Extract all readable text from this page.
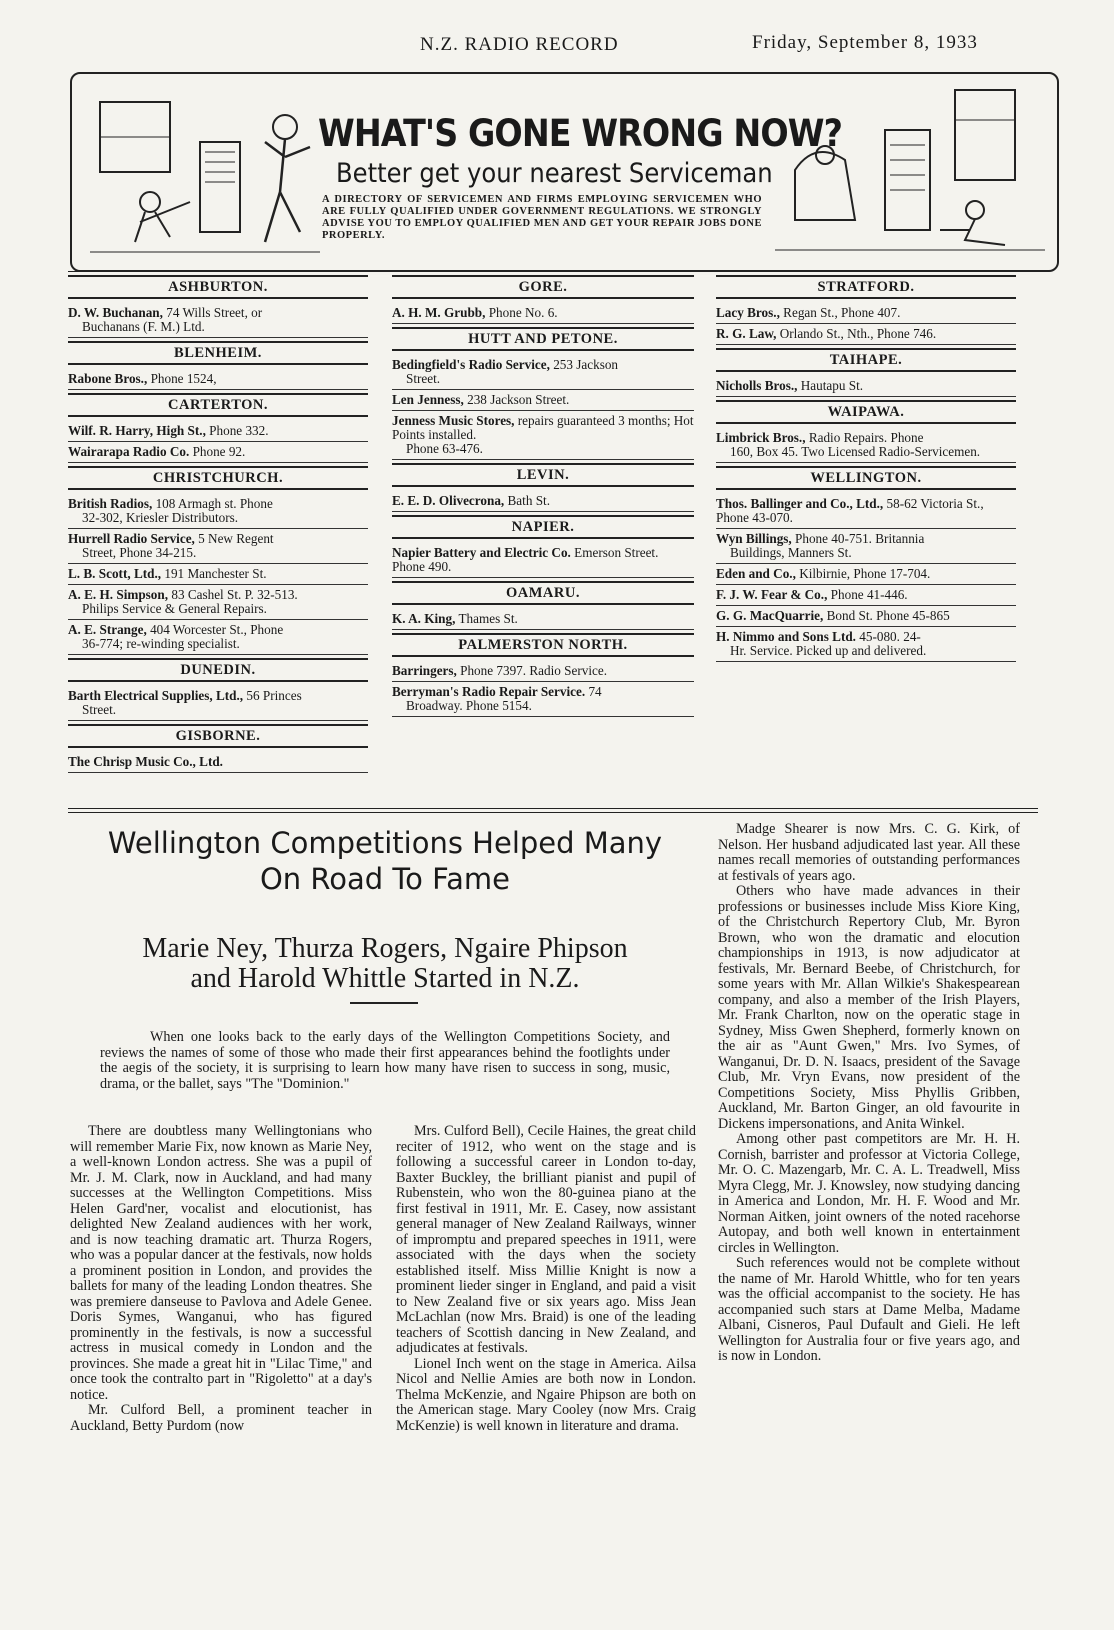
N.Z. RADIO RECORD	Friday, September 8, 1933
WHAT'S GONE WRONG NOW?
Better get your nearest Serviceman
A DIRECTORY OF SERVICEMEN AND FIRMS EMPLOYING SERVICEMEN WHO ARE FULLY QUALIFIED UNDER GOVERNMENT REGULATIONS. WE STRONGLY ADVISE YOU TO EMPLOY QUALIFIED MEN AND GET YOUR REPAIR JOBS DONE PROPERLY.
ASHBURTON.
D. W. Buchanan, 74 Wills Street, or
Buchanans (F. M.) Ltd.
BLENHEIM.
Rabone Bros., Phone 1524,
CARTERTON.
Wilf. R. Harry, High St., Phone 332.
Wairarapa Radio Co. Phone 92.
CHRISTCHURCH.
British Radios, 108 Armagh st. Phone
32-302, Kriesler Distributors.
Hurrell Radio Service, 5 New Regent
Street, Phone 34-215.
L. B. Scott, Ltd., 191 Manchester St.
A. E. H. Simpson, 83 Cashel St. P. 32-513.
Philips Service & General Repairs.
A. E. Strange, 404 Worcester St., Phone
36-774; re-winding specialist.
DUNEDIN.
Barth Electrical Supplies, Ltd., 56 Princes
Street.
GISBORNE.
The Chrisp Music Co., Ltd.
GORE.
A. H. M. Grubb, Phone No. 6.
HUTT AND PETONE.
Bedingfield's Radio Service, 253 Jackson
Street.
Len Jenness, 238 Jackson Street.
Jenness Music Stores, repairs guaranteed 3 months; Hot Points installed.
Phone 63-476.
LEVIN.
E. E. D. Olivecrona, Bath St.
NAPIER.
Napier Battery and Electric Co. Emerson Street. Phone 490.
OAMARU.
K. A. King, Thames St.
PALMERSTON NORTH.
Barringers, Phone 7397. Radio Service.
Berryman's Radio Repair Service. 74
Broadway. Phone 5154.
STRATFORD.
Lacy Bros., Regan St., Phone 407.
R. G. Law, Orlando St., Nth., Phone 746.
TAIHAPE.
Nicholls Bros., Hautapu St.
WAIPAWA.
Limbrick Bros., Radio Repairs. Phone
160, Box 45. Two Licensed Radio-Servicemen.
WELLINGTON.
Thos. Ballinger and Co., Ltd., 58-62 Victoria St., Phone 43-070.
Wyn Billings, Phone 40-751. Britannia
Buildings, Manners St.
Eden and Co., Kilbirnie, Phone 17-704.
F. J. W. Fear & Co., Phone 41-446.
G. G. MacQuarrie, Bond St. Phone 45-865
H. Nimmo and Sons Ltd. 45-080. 24-
Hr. Service. Picked up and delivered.
Wellington Competitions Helped Many
On Road To Fame
Marie Ney, Thurza Rogers, Ngaire Phipson
and Harold Whittle Started in N.Z.
When one looks back to the early days of the Wellington Competitions Society, and reviews the names of some of those who made their first appearances behind the footlights under the aegis of the society, it is surprising to learn how many have risen to success in song, music, drama, or the ballet, says "The "Dominion."

There are doubtless many Wellingtonians who will remember Marie Fix, now known as Marie Ney, a well-known London actress. She was a pupil of Mr. J. M. Clark, now in Auckland, and had many successes at the Wellington Competitions. Miss Helen Gard'ner, vocalist and elocutionist, has delighted New Zealand audiences with her work, and is now teaching dramatic art. Thurza Rogers, who was a popular dancer at the festivals, now holds a prominent position in London, and provides the ballets for many of the leading London theatres. She was premiere danseuse to Pavlova and Adele Genee. Doris Symes, Wanganui, who has figured prominently in the festivals, is now a successful actress in musical comedy in London and the provinces. She made a great hit in "Lilac Time," and once took the contralto part in "Rigoletto" at a day's notice.

Mr. Culford Bell, a prominent teacher in Auckland, Betty Purdom (now

Mrs. Culford Bell), Cecile Haines, the great child reciter of 1912, who went on the stage and is following a successful career in London to-day, Baxter Buckley, the brilliant pianist and pupil of Rubenstein, who won the 80-guinea piano at the first festival in 1911, Mr. E. Casey, now assistant general manager of New Zealand Railways, winner of impromptu and prepared speeches in 1911, were associated with the days when the society established itself. Miss Millie Knight is now a prominent lieder singer in England, and paid a visit to New Zealand five or six years ago. Miss Jean McLachlan (now Mrs. Braid) is one of the leading teachers of Scottish dancing in New Zealand, and adjudicates at festivals.

Lionel Inch went on the stage in America. Ailsa Nicol and Nellie Amies are both now in London. Thelma McKenzie, and Ngaire Phipson are both on the American stage. Mary Cooley (now Mrs. Craig McKenzie) is well known in literature and drama.

Madge Shearer is now Mrs. C. G. Kirk, of Nelson. Her husband adjudicated last year. All these names recall memories of outstanding performances at festivals of years ago.

Others who have made advances in their professions or businesses include Miss Kiore King, of the Christchurch Repertory Club, Mr. Byron Brown, who won the dramatic and elocution championships in 1913, is now adjudicator at festivals, Mr. Bernard Beebe, of Christchurch, for some years with Mr. Allan Wilkie's Shakespearean company, and also a member of the Irish Players, Mr. Frank Charlton, now on the operatic stage in Sydney, Miss Gwen Shepherd, formerly known on the air as "Aunt Gwen," Mrs. Ivo Symes, of Wanganui, Dr. D. N. Isaacs, president of the Savage Club, Mr. Vryn Evans, now president of the Competitions Society, Miss Phyllis Gribben, Auckland, Mr. Barton Ginger, an old favourite in Dickens impersonations, and Anita Winkel.

Among other past competitors are Mr. H. H. Cornish, barrister and professor at Victoria College, Mr. O. C. Mazengarb, Mr. C. A. L. Treadwell, Miss Myra Clegg, Mr. J. Knowsley, now studying dancing in America and London, Mr. H. F. Wood and Mr. Norman Aitken, joint owners of the noted racehorse Autopay, and both well known in entertainment circles in Wellington.

Such references would not be complete without the name of Mr. Harold Whittle, who for ten years was the official accompanist to the society. He has accompanied such stars at Dame Melba, Madame Albani, Cisneros, Paul Dufault and Gieli. He left Wellington for Australia four or five years ago, and is now in London.
